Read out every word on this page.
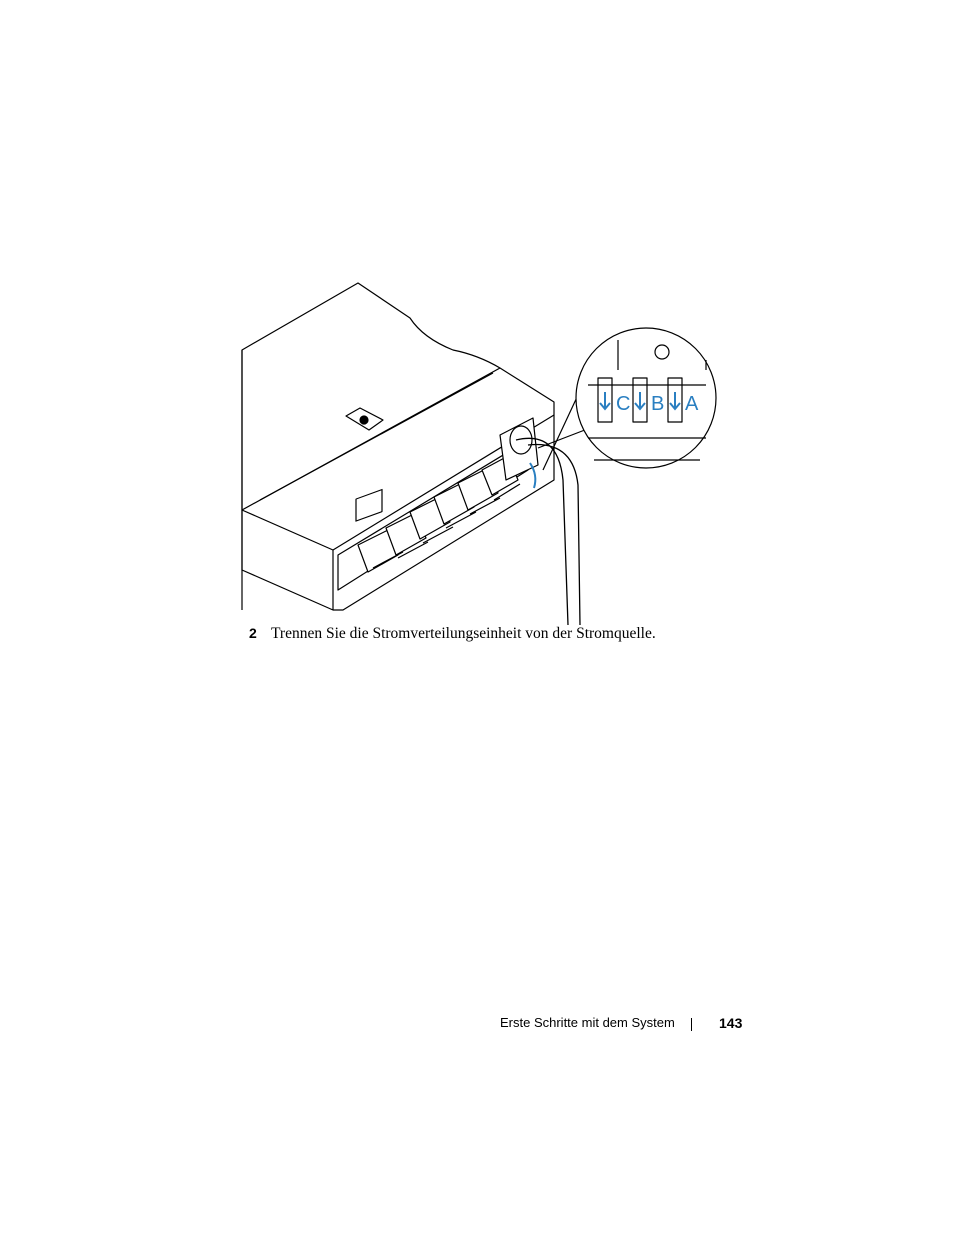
C B A
2 Trennen Sie die Stromverteilungseinheit von der Stromquelle.
Erste Schritte mit dem System	143
